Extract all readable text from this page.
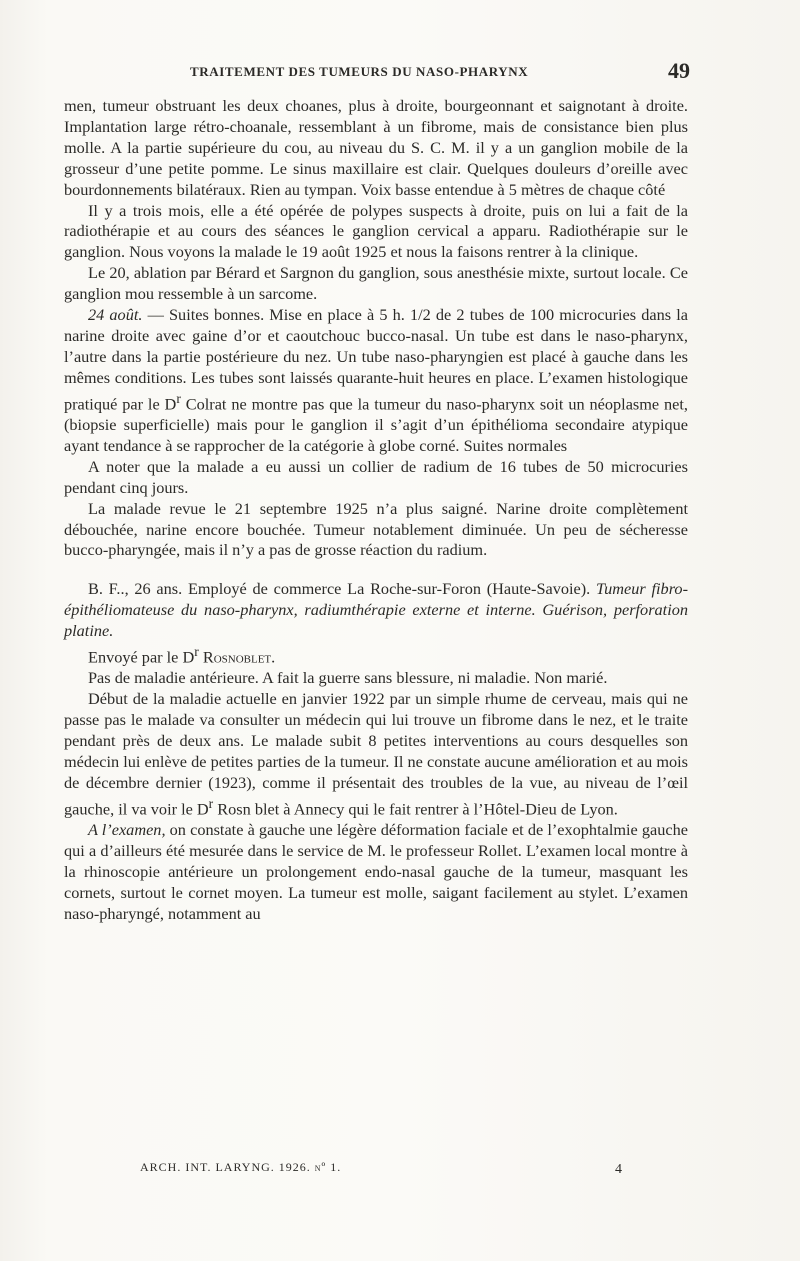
TRAITEMENT DES TUMEURS DU NASO-PHARYNX	49

men, tumeur obstruant les deux choanes, plus à droite, bourgeonnant et saignotant à droite. Implantation large rétro-choanale, ressemblant à un fibrome, mais de consistance bien plus molle. A la partie supérieure du cou, au niveau du S. C. M. il y a un ganglion mobile de la grosseur d’une petite pomme. Le sinus maxillaire est clair. Quelques douleurs d’oreille avec bourdonnements bilatéraux. Rien au tympan. Voix basse entendue à 5 mètres de chaque côté

Il y a trois mois, elle a été opérée de polypes suspects à droite, puis on lui a fait de la radiothérapie et au cours des séances le ganglion cervical a apparu. Radiothérapie sur le ganglion. Nous voyons la malade le 19 août 1925 et nous la faisons rentrer à la clinique.

Le 20, ablation par Bérard et Sargnon du ganglion, sous anesthésie mixte, surtout locale. Ce ganglion mou ressemble à un sarcome.

24 août. — Suites bonnes. Mise en place à 5 h. 1/2 de 2 tubes de 100 microcuries dans la narine droite avec gaine d’or et caoutchouc bucco-nasal. Un tube est dans le naso-pharynx, l’autre dans la partie postérieure du nez. Un tube naso-pharyngien est placé à gauche dans les mêmes conditions. Les tubes sont laissés quarante-huit heures en place. L’examen histologique pratiqué par le $D^r$ Colrat ne montre pas que la tumeur du naso-pharynx soit un néoplasme net, (biopsie superficielle) mais pour le ganglion il s’agit d’un épithélioma secondaire atypique ayant tendance à se rapprocher de la catégorie à globe corné. Suites normales

A noter que la malade a eu aussi un collier de radium de 16 tubes de 50 microcuries pendant cinq jours.

La malade revue le 21 septembre 1925 n’a plus saigné. Narine droite complètement débouchée, narine encore bouchée. Tumeur notablement diminuée. Un peu de sécheresse bucco-pharyngée, mais il n’y a pas de grosse réaction du radium.

B. F.., 26 ans. Employé de commerce La Roche-sur-Foron (Haute-Savoie). Tumeur fibro-épithéliomateuse du naso-pharynx, radiumthérapie externe et interne. Guérison, perforation platine.

Envoyé par le $D^r$ Rosnoblet.

Pas de maladie antérieure. A fait la guerre sans blessure, ni maladie. Non marié.

Début de la maladie actuelle en janvier 1922 par un simple rhume de cerveau, mais qui ne passe pas le malade va consulter un médecin qui lui trouve un fibrome dans le nez, et le traite pendant près de deux ans. Le malade subit 8 petites interventions au cours desquelles son médecin lui enlève de petites parties de la tumeur. Il ne constate aucune amélioration et au mois de décembre dernier (1923), comme il présentait des troubles de la vue, au niveau de l’œil gauche, il va voir le $D^r$ Rosn blet à Annecy qui le fait rentrer à l’Hôtel-Dieu de Lyon.

A l’examen, on constate à gauche une légère déformation faciale et de l’exophtalmie gauche qui a d’ailleurs été mesurée dans le service de M. le professeur Rollet. L’examen local montre à la rhinoscopie antérieure un prolongement endo-nasal gauche de la tumeur, masquant les cornets, surtout le cornet moyen. La tumeur est molle, saigant facilement au stylet. L’examen naso-pharyngé, notamment au

ARCH. INT. LARYNG. 1926. nº 1.	4
